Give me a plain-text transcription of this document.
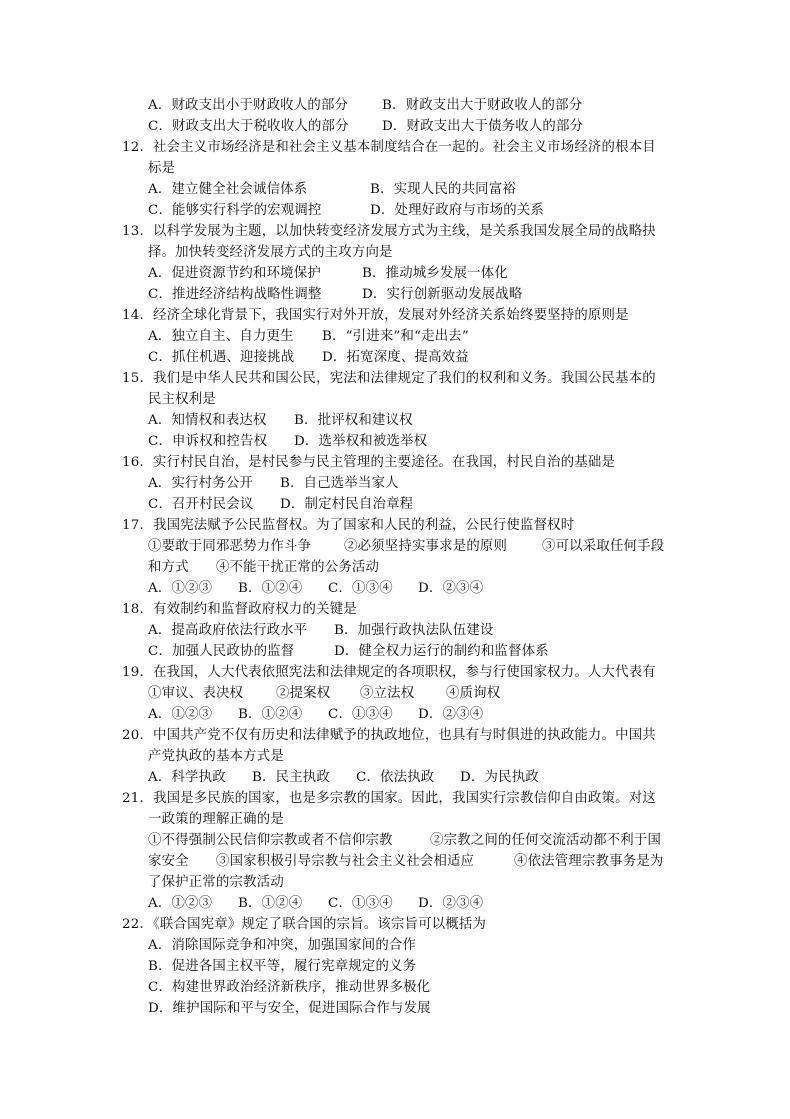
A．财政支出小于财政收人的部分	B．财政支出大于财政收人的部分
C．财政支出大于税收收人的部分 D．财政支出大于债务收人的部分
12．社会主义市场经济是和社会主义基本制度结合在一起的。社会主义市场经济的根本目
标是
A．建立健全社会诚信体系	B．实现人民的共同富裕
C．能够实行科学的宏观调控	D．处理好政府与市场的关系
13．以科学发展为主题，以加快转变经济发展方式为主线，是关系我国发展全局的战略抉
择。加快转变经济发展方式的主攻方向是
A．促进资源节约和环境保护	B．推动城乡发展一体化
C．推进经济结构战略性调整	D．实行创新驱动发展战略
14．经济全球化背景下，我国实行对外开放，发展对外经济关系始终要坚持的原则是
A．独立自主、自力更生 B．“引进来”和“走出去”
C．抓住机遇、迎接挑战 D．拓宽深度、提高效益
15．我们是中华人民共和国公民，宪法和法律规定了我们的权利和义务。我国公民基本的
民主权利是
A．知情权和表达权 B．批评权和建议权
C．申诉权和控告权 D．选举权和被选举权
16．实行村民自治，是村民参与民主管理的主要途径。在我国，村民自治的基础是
A．实行村务公开 B．自己选举当家人
C．召开村民会议 D．制定村民自治章程
17．我国宪法赋予公民监督权。为了国家和人民的利益，公民行使监督权时
①要敢于同邪恶势力作斗争 ②必须坚持实事求是的原则	③可以采取任何手段
和方式 ④不能干扰正常的公务活动
A．①②③ B．①②④ C．①③④ D．②③④
18．有效制约和监督政府权力的关键是
A．提高政府依法行政水平 B．加强行政执法队伍建设
C．加强人民政协的监督	D．健全权力运行的制约和监督体系
19．在我国，人大代表依照宪法和法律规定的各项职权，参与行使国家权力。人大代表有
①审议、表决权 ②提案权 ③立法权 ④质询权
A．①②③ B．①②④ C．①③④ D．②③④
20．中国共产党不仅有历史和法律赋予的执政地位，也具有与时俱进的执政能力。中国共
产党执政的基本方式是
A．科学执政 B．民主执政 C．依法执政 D．为民执政
21．我国是多民族的国家，也是多宗教的国家。因此，我国实行宗教信仰自由政策。对这
一政策的理解正确的是
①不得强制公民信仰宗教或者不信仰宗教	②宗教之间的任何交流活动都不利于国
家安全 ③国家积极引导宗教与社会主义社会相适应	④依法管理宗教事务是为
了保护正常的宗教活动
A．①②③ B．①②④ C．①③④ D．②③④
22．《联合国宪章》规定了联合国的宗旨。该宗旨可以概括为
A．消除国际竞争和冲突，加强国家间的合作
B．促进各国主权平等，履行宪章规定的义务
C．构建世界政治经济新秩序，推动世界多极化
D．维护国际和平与安全，促进国际合作与发展
